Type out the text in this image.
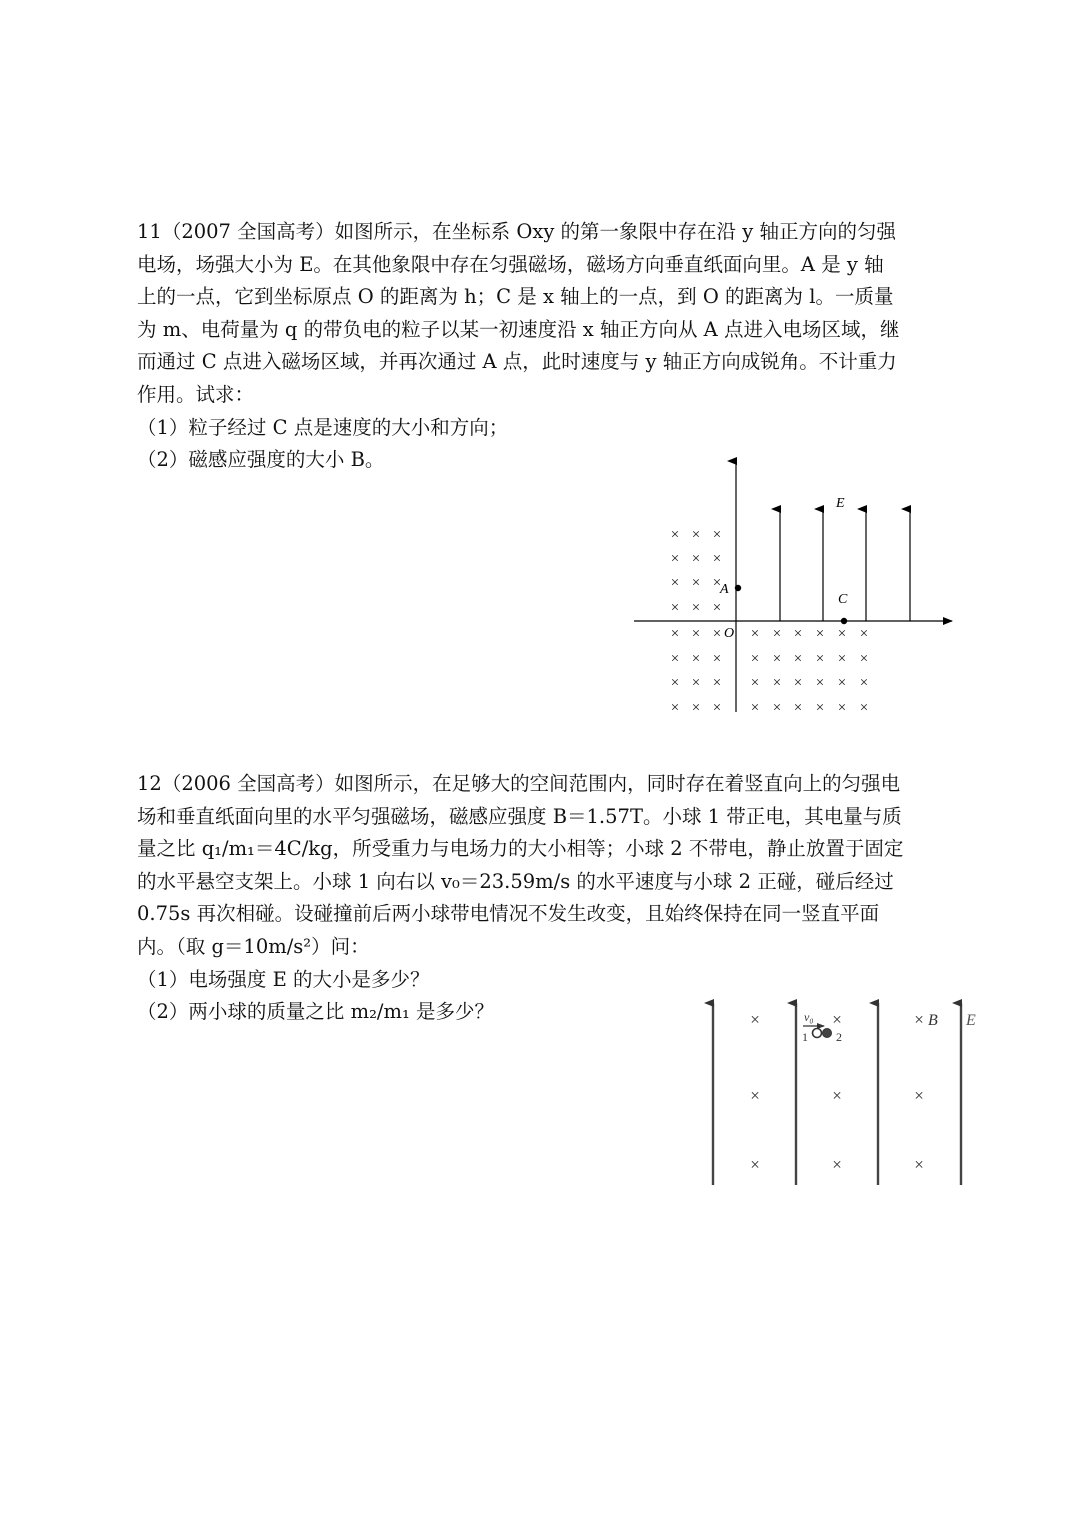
11（2007 全国高考）如图所示，在坐标系 Oxy 的第一象限中存在沿 y 轴正方向的匀强
电场，场强大小为 E。在其他象限中存在匀强磁场，磁场方向垂直纸面向里。A 是 y 轴
上的一点，它到坐标原点 O 的距离为 h；C 是 x 轴上的一点，到 O 的距离为 l。一质量
为 m、电荷量为 q 的带负电的粒子以某一初速度沿 x 轴正方向从 A 点进入电场区域，继
而通过 C 点进入磁场区域，并再次通过 A 点，此时速度与 y 轴正方向成锐角。不计重力
作用。试求：
（1）粒子经过 C 点是速度的大小和方向；
（2）磁感应强度的大小 B。
E
A
C
O
× × ×
× × ×
× × ×
× × ×
× × ×
× × ×
× × ×
× × ×
× × × × × ×
× × × × × ×
× × × × × ×
× × × × × ×
12（2006 全国高考）如图所示，在足够大的空间范围内，同时存在着竖直向上的匀强电
场和垂直纸面向里的水平匀强磁场，磁感应强度 B＝1.57T。小球 1 带正电，其电量与质
量之比 q₁/m₁＝4C/kg，所受重力与电场力的大小相等；小球 2 不带电，静止放置于固定
的水平悬空支架上。小球 1 向右以 v₀＝23.59m/s 的水平速度与小球 2 正碰，碰后经过
0.75s 再次相碰。设碰撞前后两小球带电情况不发生改变，且始终保持在同一竖直平面
内。（取 g＝10m/s²）问：
（1）电场强度 E 的大小是多少？
（2）两小球的质量之比 m₂/m₁ 是多少？	×	×	×
×	×	×
×	×	×
B E
v₀
1 2
